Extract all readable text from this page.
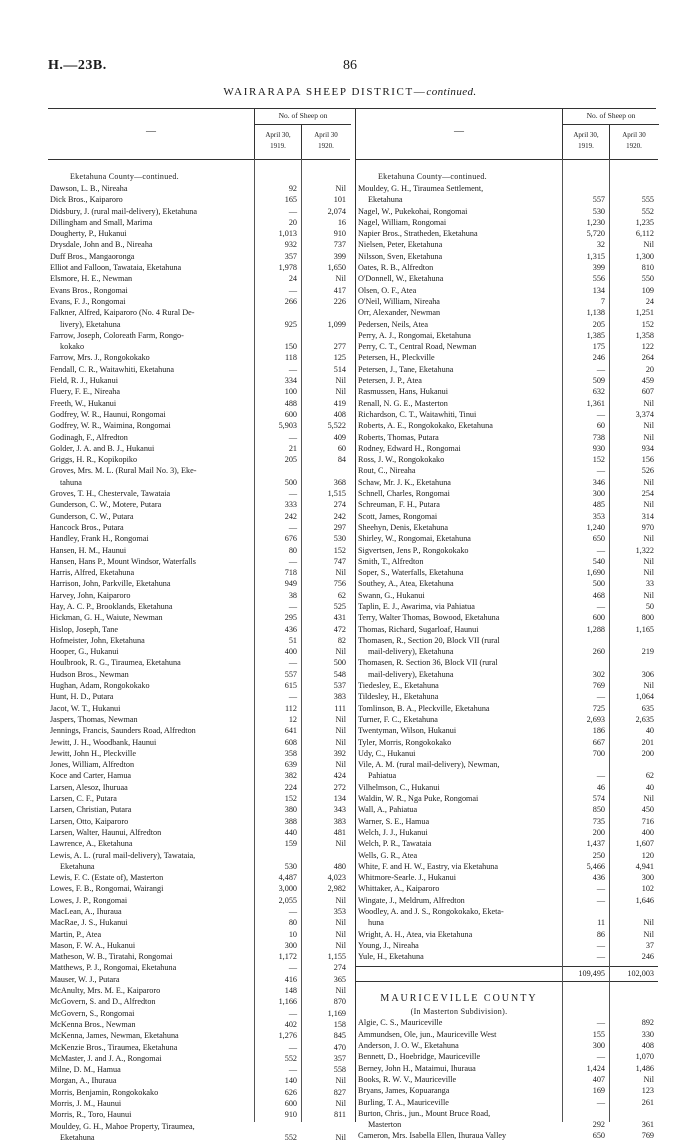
H.—23B.	86
WAIRARAPA SHEEP DISTRICT—continued.
—
No. of Sheep on
April 30,
1919.
April 30
1920.
Eketahuna County—continued.
Dawson, L. B., Nireaha	92	Nil
Dick Bros., Kaiparoro	165	101
Didsbury, J. (rural mail-delivery), Eketahuna	—	2,074
Dillingham and Small, Marima	20	16
Dougherty, P., Hukanui	1,013	910
Drysdale, John and B., Nireaha	932	737
Duff Bros., Mangaoronga	357	399
Elliot and Falloon, Tawataia, Eketahuna	1,978	1,650
Elsmore, H. E., Newman	24	Nil
Evans Bros., Rongomai	—	417
Evans, F. J., Rongomai	266	226
Falkner, Alfred, Kaiparoro (No. 4 Rural De-
livery), Eketahuna	925	1,099
Farrow, Joseph, Coloreath Farm, Rongo-
kokako	150	277
Farrow, Mrs. J., Rongokokako	118	125
Fendall, C. R., Waitawhiti, Eketahuna	—	514
Field, R. J., Hukanui	334	Nil
Fluery, F. E., Nireaha	100	Nil
Freeth, W., Hukanui	488	419
Godfrey, W. R., Haunui, Rongomai	600	408
Godfrey, W. R., Waimina, Rongomai	5,903	5,522
Godinagh, F., Alfredton	—	409
Golder, J. A. and B. J., Hukanui	21	60
Griggs, H. R., Kopikopiko	205	84
Groves, Mrs. M. L. (Rural Mail No. 3), Eke-
tahuna	500	368
Groves, T. H., Chestervale, Tawataia	—	1,515
Gunderson, C. W., Motere, Putara	333	274
Gunderson, C. W., Putara	242	242
Hancock Bros., Putara	—	297
Handley, Frank H., Rongomai	676	530
Hansen, H. M., Haunui	80	152
Hansen, Hans P., Mount Windsor, Waterfalls	—	747
Harris, Alfred, Eketahuna	718	Nil
Harrison, John, Parkville, Eketahuna	949	756
Harvey, John, Kaiparoro	38	62
Hay, A. C. P., Brooklands, Eketahuna	—	525
Hickman, G. H., Waiute, Newman	295	431
Hislop, Joseph, Tane	436	472
Hofmeister, John, Eketahuna	51	82
Hooper, G., Hukanui	400	Nil
Houlbrook, R. G., Tiraumea, Eketahuna	—	500
Hudson Bros., Newman	557	548
Hughan, Adam, Rongokokako	615	537
Hunt, H. D., Putara	—	383
Jacot, W. T., Hukanui	112	111
Jaspers, Thomas, Newman	12	Nil
Jennings, Francis, Saunders Road, Alfredton	641	Nil
Jewitt, J. H., Woodbank, Haunui	608	Nil
Jewitt, John H., Pleckville	358	392
Jones, William, Alfredton	639	Nil
Koce and Carter, Hamua	382	424
Larsen, Alesoz, Ihuruaa	224	272
Larsen, C. F., Putara	152	134
Larsen, Christian, Putara	380	343
Larsen, Otto, Kaiparoro	388	383
Larsen, Walter, Haunui, Alfredton	440	481
Lawrence, A., Eketahuna	159	Nil
Lewis, A. L. (rural mail-delivery), Tawataia,
Eketahuna	530	480
Lewis, F. C. (Estate of), Masterton	4,487	4,023
Lowes, F. B., Rongomai, Wairangi	3,000	2,982
Lowes, J. P., Rongomai	2,055	Nil
MacLean, A., Ihuraua	—	353
MacRae, J. S., Hukanui	80	Nil
Martin, P., Atea	10	Nil
Mason, F. W. A., Hukanui	300	Nil
Matheson, W. B., Tiratahi, Rongomai	1,172	1,155
Matthews, P. J., Rongomai, Eketahuna	—	274
Mauser, W. J., Putara	416	365
McAnulty, Mrs. M. E., Kaiparoro	148	Nil
McGovern, S. and D., Alfredton	1,166	870
McGovern, S., Rongomai	—	1,169
McKenna Bros., Newman	402	158
McKenna, James, Newman, Eketahuna	1,276	845
McKenzie Bros., Tiraumea, Eketahuna	—	470
McMaster, J. and J. A., Rongomai	552	357
Milne, D. M., Hamua	—	558
Morgan, A., Ihuraua	140	Nil
Morris, Benjamin, Rongokokako	626	827
Morris, J. M., Haunui	600	Nil
Morris, R., Toro, Haunui	910	811
Mouldey, G. H., Mahoe Property, Tiraumea,
Eketahuna	552	Nil
—
No. of Sheep on
April 30,
1919.
April 30
1920.
Eketahuna County—continued.
Mouldey, G. H., Tiraumea Settlement,
Eketahuna	557	555
Nagel, W., Pukekohai, Rongomai	530	552
Nagel, William, Rongomai	1,230	1,235
Napier Bros., Stratheden, Eketahuna	5,720	6,112
Nielsen, Peter, Eketahuna	32	Nil
Nilsson, Sven, Eketahuna	1,315	1,300
Oates, R. B., Alfredton	399	810
O'Donnell, W., Eketahuna	556	550
Olsen, O. F., Atea	134	109
O'Neil, William, Nireaha	7	24
Orr, Alexander, Newman	1,138	1,251
Pedersen, Neils, Atea	205	152
Perry, A. J., Rongomai, Eketahuna	1,385	1,358
Perry, C. T., Central Road, Newman	175	122
Petersen, H., Pleckville	246	264
Petersen, J., Tane, Eketahuna	—	20
Petersen, J. P., Atea	509	459
Rasmussen, Hans, Hukanui	632	607
Renall, N. G. E., Masterton	1,361	Nil
Richardson, C. T., Waitawhiti, Tinui	—	3,374
Roberts, A. E., Rongokokako, Eketahuna	60	Nil
Roberts, Thomas, Putara	738	Nil
Rodney, Edward H., Rongomai	930	934
Ross, J. W., Rongokokako	152	156
Rout, C., Nireaha	—	526
Schaw, Mr. J. K., Eketahuna	346	Nil
Schnell, Charles, Rongomai	300	254
Schreuman, F. H., Putara	485	Nil
Scott, James, Rongomai	353	314
Sheehyn, Denis, Eketahuna	1,240	970
Shirley, W., Rongomai, Eketahuna	650	Nil
Sigvertsen, Jens P., Rongokokako	—	1,322
Smith, T., Alfredton	540	Nil
Soper, S., Waterfalls, Eketahuna	1,690	Nil
Southey, A., Atea, Eketahuna	500	33
Swann, G., Hukanui	468	Nil
Taplin, E. J., Awarima, via Pahiatua	—	50
Terry, Walter Thomas, Bowood, Eketahuna	600	800
Thomas, Richard, Sugarloaf, Haunui	1,288	1,165
Thomasen, R., Section 20, Block VII (rural
mail-delivery), Eketahuna	260	219
Thomasen, R. Section 36, Block VII (rural
mail-delivery), Eketahuna	302	306
Tiedesley, E., Eketahuna	769	Nil
Tildesley, H., Eketahuna	—	1,064
Tomlinson, B. A., Pleckville, Eketahuna	725	635
Turner, F. C., Eketahuna	2,693	2,635
Twentyman, Wilson, Hukanui	186	40
Tyler, Morris, Rongokokako	667	201
Udy, C., Hukanui	700	200
Vile, A. M. (rural mail-delivery), Newman,
Pahiatua	—	62
Vilhelmson, C., Hukanui	46	40
Waldin, W. R., Nga Puke, Rongomai	574	Nil
Wall, A., Pahiatua	850	450
Warner, S. E., Hamua	735	716
Welch, J. J., Hukanui	200	400
Welch, P. R., Tawataia	1,437	1,607
Wells, G. R., Atea	250	120
White, F. and H. W., Eastry, via Eketahuna	5,466	4,941
Whitmore-Searle. J., Hukanui	436	300
Whittaker, A., Kaiparoro	—	102
Wingate, J., Meldrum, Alfredton	—	1,646
Woodley, A. and J. S., Rongokokako, Eketa-
huna	11	Nil
Wright, A. H., Atea, via Eketahuna	86	Nil
Young, J., Nireaha	—	37
Yule, H., Eketahuna	—	246
109,495	102,003
MAURICEVILLE COUNTY
(In Masterton Subdivision).
Algie, C. S., Mauriceville	—	892
Ammundsen, Ole, jun., Mauriceville West	155	330
Anderson, J. O. W., Eketahuna	300	408
Bennett, D., Hoebridge, Mauriceville	—	1,070
Berney, John H., Mataimui, Ihuraua	1,424	1,486
Books, R. W. V., Mauriceville	407	Nil
Bryans, James, Kopuaranga	169	123
Burling, T. A., Mauriceville	—	261
Burton, Chris., jun., Mount Bruce Road,
Masterton	292	361
Cameron, Mrs. Isabella Ellen, Ihuraua Valley	650	769
